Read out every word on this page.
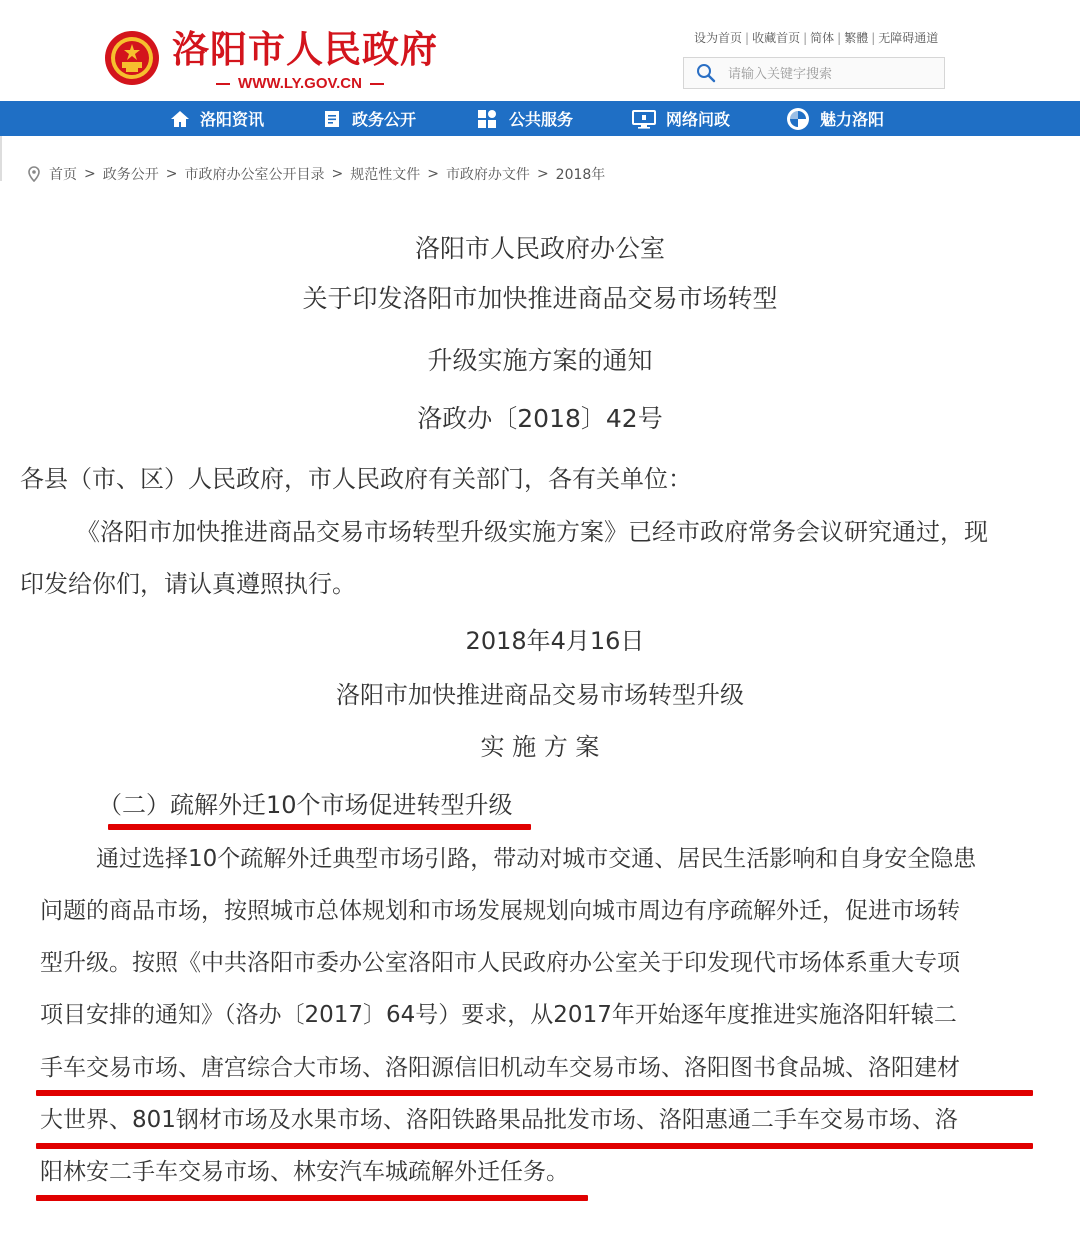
洛阳市人民政府
WWW.LY.GOV.CN
设为首页 | 收藏首页 | 简体 | 繁體 | 无障碍通道
请输入关键字搜索
洛阳资讯	政务公开	公共服务	网络问政	魅力洛阳
首页 > 政务公开 > 市政府办公室公开目录 > 规范性文件 > 市政府办文件 > 2018年
洛阳市人民政府办公室
关于印发洛阳市加快推进商品交易市场转型
升级实施方案的通知
洛政办〔2018〕42号
各县（市、区）人民政府，市人民政府有关部门，各有关单位：
《洛阳市加快推进商品交易市场转型升级实施方案》已经市政府常务会议研究通过，现
印发给你们，请认真遵照执行。
2018年4月16日
洛阳市加快推进商品交易市场转型升级
实 施 方 案
（二）疏解外迁10个市场促进转型升级
通过选择10个疏解外迁典型市场引路，带动对城市交通、居民生活影响和自身安全隐患
问题的商品市场，按照城市总体规划和市场发展规划向城市周边有序疏解外迁，促进市场转
型升级。按照《中共洛阳市委办公室洛阳市人民政府办公室关于印发现代市场体系重大专项
项目安排的通知》（洛办〔2017〕64号）要求，从2017年开始逐年度推进实施洛阳轩辕二
手车交易市场、唐宫综合大市场、洛阳源信旧机动车交易市场、洛阳图书食品城、洛阳建材
大世界、801钢材市场及水果市场、洛阳铁路果品批发市场、洛阳惠通二手车交易市场、洛
阳林安二手车交易市场、林安汽车城疏解外迁任务。
